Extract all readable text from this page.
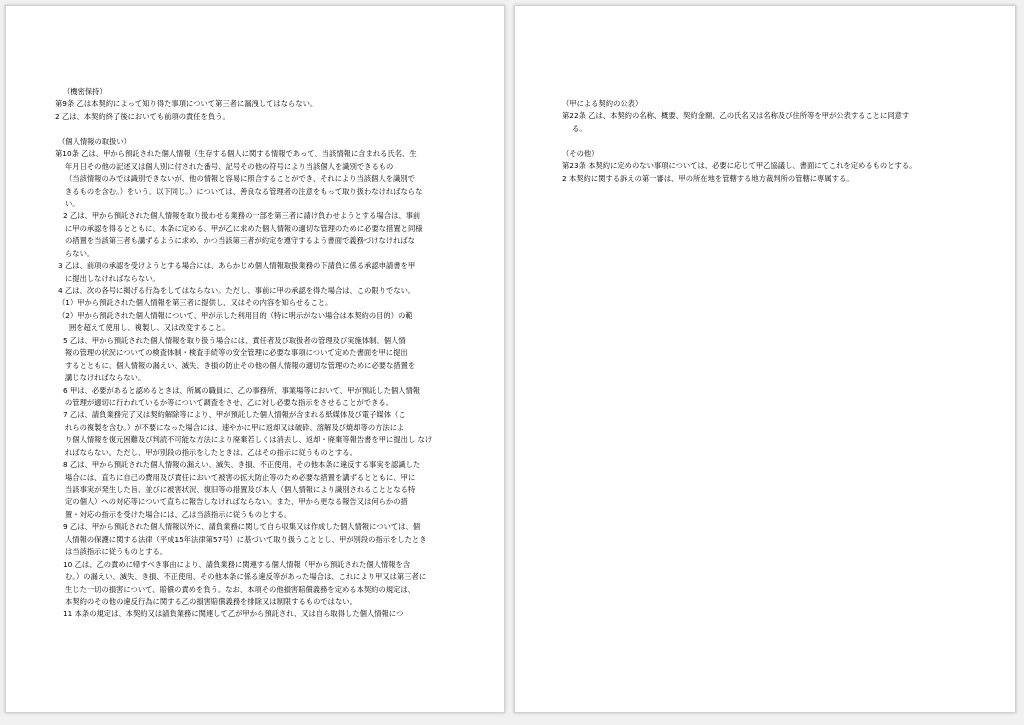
（機密保持）
第9条 乙は本契約によって知り得た事項について第三者に漏洩してはならない。
2 乙は、本契約終了後においても前項の責任を負う。
（個人情報の取扱い）
第10条 乙は、甲から預託された個人情報（生存する個人に関する情報であって、当該情報に含まれる氏名、生
年月日その他の記述又は個人別に付された番号、記号その他の符号により当該個人を識別できるもの
（当該情報のみでは識別できないが、他の情報と容易に照合することができ、それにより当該個人を識別で
きるものを含む。）をいう。以下同じ。）については、善良なる管理者の注意をもって取り扱わなければならな
い。
2 乙は、甲から預託された個人情報を取り扱わせる業務の一部を第三者に請け負わせようとする場合は、事前
に甲の承認を得るとともに、本条に定める、甲が乙に求めた個人情報の適切な管理のために必要な措置と同様
の措置を当該第三者も講ずるように求め、かつ当該第三者が約定を遵守するよう書面で義務づけなければな
らない。
3 乙は、前項の承認を受けようとする場合には、あらかじめ個人情報取扱業務の下請負に係る承認申請書を甲
に提出しなければならない。
4 乙は、次の各号に掲げる行為をしてはならない。ただし、事前に甲の承認を得た場合は、この限りでない。
（1）甲から預託された個人情報を第三者に提供し、又はその内容を知らせること。
（2）甲から預託された個人情報について、甲が示した利用目的（特に明示がない場合は本契約の目的）の範
囲を超えて使用し、複製し、又は改変すること。
5 乙は、甲から預託された個人情報を取り扱う場合には、責任者及び取扱者の管理及び実施体制、個人情
報の管理の状況についての検査体制・検査手続等の安全管理に必要な事項について定めた書面を甲に提出
するとともに、個人情報の漏えい、滅失、き損の防止その他の個人情報の適切な管理のために必要な措置を
講じなければならない。
6 甲は、必要があると認めるときは、所属の職員に、乙の事務所、事業場等において、甲が預託した個人情報
の管理が適切に行われているか等について調査をさせ、乙に対し必要な指示をさせることができる。
7 乙は、請負業務完了又は契約解除等により、甲が預託した個人情報が含まれる紙媒体及び電子媒体（こ
れらの複製を含む。）が不要になった場合には、速やかに甲に返却又は破砕、溶解及び焼却等の方法によ
り個人情報を復元困難及び判読不可能な方法により廃棄若しくは消去し、返却・廃棄等報告書を甲に提出し なけ
ればならない。ただし、甲が別段の指示をしたときは、乙はその指示に従うものとする。
8 乙は、甲から預託された個人情報の漏えい、滅失、き損、不正使用、その他本条に違反する事実を認識した
場合には、直ちに自己の費用及び責任において被害の拡大防止等のため必要な措置を講ずるとともに、甲に
当該事実が発生した旨、並びに被害状況、復旧等の措置及び本人（個人情報により識別されることとなる特
定の個人）への対応等について直ちに報告しなければならない。また、甲から更なる報告又は何らかの措
置・対応の指示を受けた場合には、乙は当該指示に従うものとする。
9 乙は、甲から預託された個人情報以外に、請負業務に関して自ら収集又は作成した個人情報については、個
人情報の保護に関する法律（平成15年法律第57号）に基づいて取り扱うこととし、甲が別段の指示をしたとき
は当該指示に従うものとする。
10 乙は、乙の責めに帰すべき事由により、請負業務に関連する個人情報（甲から預託された個人情報を含
む。）の漏えい、滅失、き損、不正使用、その他本条に係る違反等があった場合は、これにより甲又は第三者に
生じた一切の損害について、賠償の責めを負う。なお、本項その他損害賠償義務を定める本契約の規定は、
本契約のその他の違反行為に関する乙の損害賠償義務を排除又は制限するものではない。
11 本条の規定は、本契約又は請負業務に関連して乙が甲から預託され、又は自ら取得した個人情報につ
（甲による契約の公表）
第22条 乙は、本契約の名称、概要、契約金額、乙の氏名又は名称及び住所等を甲が公表することに同意す
る。
（その他）
第23条 本契約に定めのない事項については、必要に応じて甲乙協議し、書面にてこれを定めるものとする。
2 本契約に関する訴えの第一審は、甲の所在地を管轄する地方裁判所の管轄に専属する。
